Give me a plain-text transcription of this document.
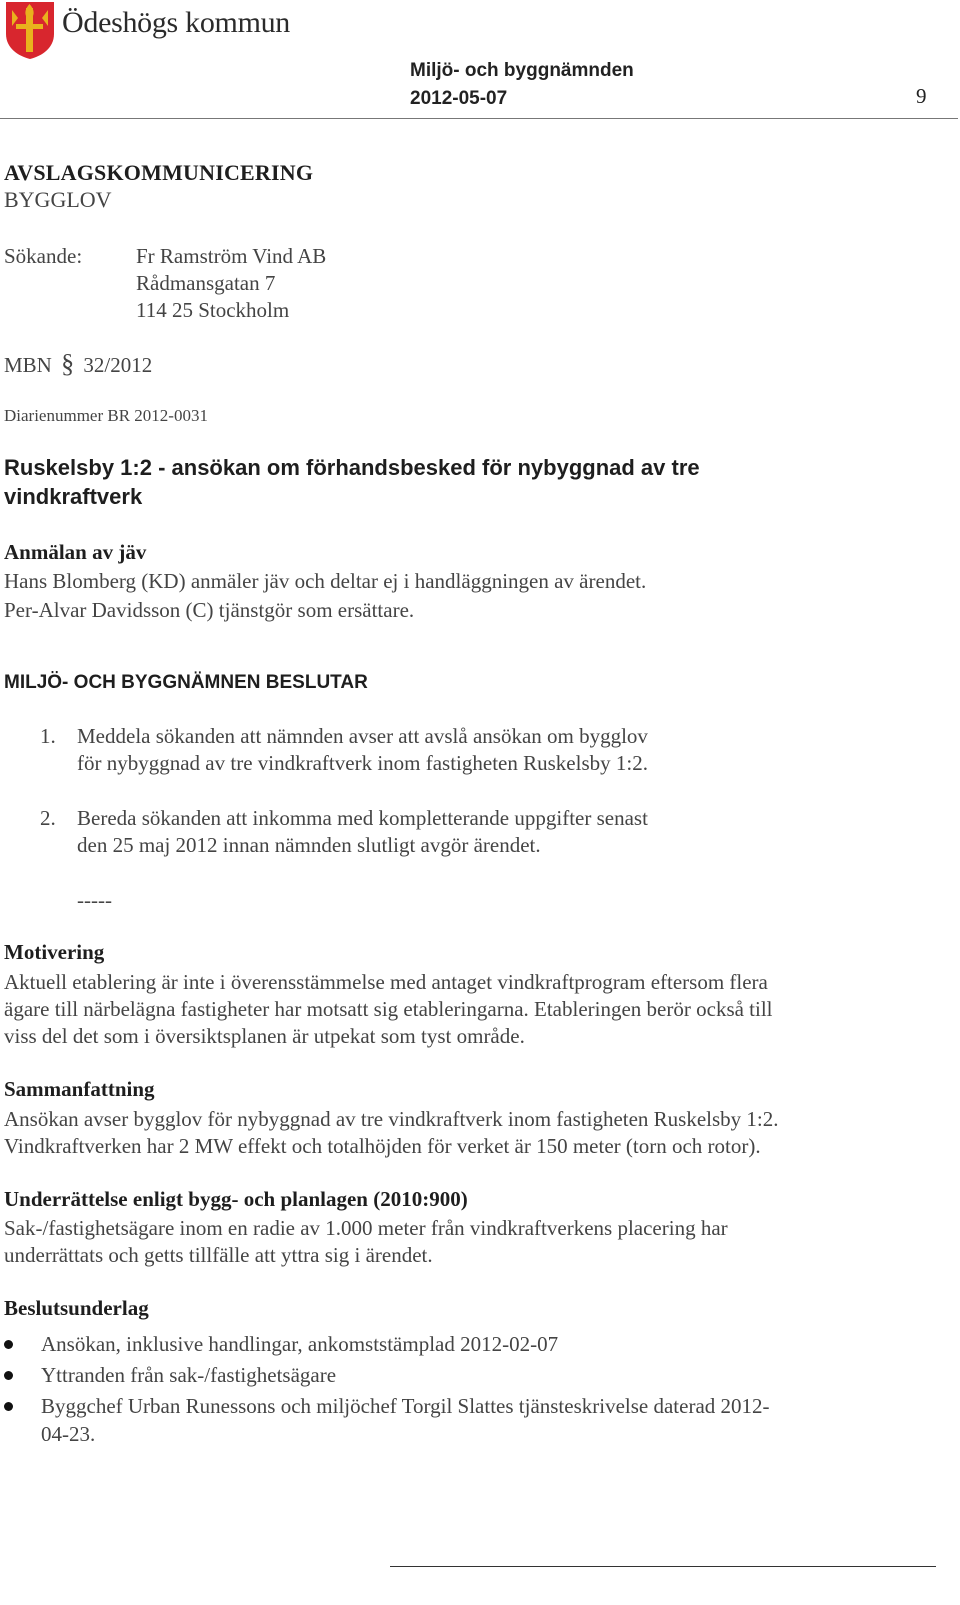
Ödeshögs kommun
Miljö- och byggnämnden
2012-05-07	9
AVSLAGSKOMMUNICERING
BYGGLOV
Sökande:	Fr Ramström Vind AB
Rådmansgatan 7
114 25 Stockholm
MBN § 32/2012
Diarienummer BR 2012-0031
Ruskelsby 1:2 - ansökan om förhandsbesked för nybyggnad av tre
vindkraftverk
Anmälan av jäv
Hans Blomberg (KD) anmäler jäv och deltar ej i handläggningen av ärendet.
Per-Alvar Davidsson (C) tjänstgör som ersättare.
MILJÖ- OCH BYGGNÄMNEN BESLUTAR
1. Meddela sökanden att nämnden avser att avslå ansökan om bygglov
för nybyggnad av tre vindkraftverk inom fastigheten Ruskelsby 1:2.
2. Bereda sökanden att inkomma med kompletterande uppgifter senast
den 25 maj 2012 innan nämnden slutligt avgör ärendet.
-----
Motivering
Aktuell etablering är inte i överensstämmelse med antaget vindkraftprogram eftersom flera
ägare till närbelägna fastigheter har motsatt sig etableringarna. Etableringen berör också till
viss del det som i översiktsplanen är utpekat som tyst område.
Sammanfattning
Ansökan avser bygglov för nybyggnad av tre vindkraftverk inom fastigheten Ruskelsby 1:2.
Vindkraftverken har 2 MW effekt och totalhöjden för verket är 150 meter (torn och rotor).
Underrättelse enligt bygg- och planlagen (2010:900)
Sak-/fastighetsägare inom en radie av 1.000 meter från vindkraftverkens placering har
underrättats och getts tillfälle att yttra sig i ärendet.
Beslutsunderlag
Ansökan, inklusive handlingar, ankomststämplad 2012-02-07
Yttranden från sak-/fastighetsägare
Byggchef Urban Runessons och miljöchef Torgil Slattes tjänsteskrivelse daterad 2012- 04-23.
